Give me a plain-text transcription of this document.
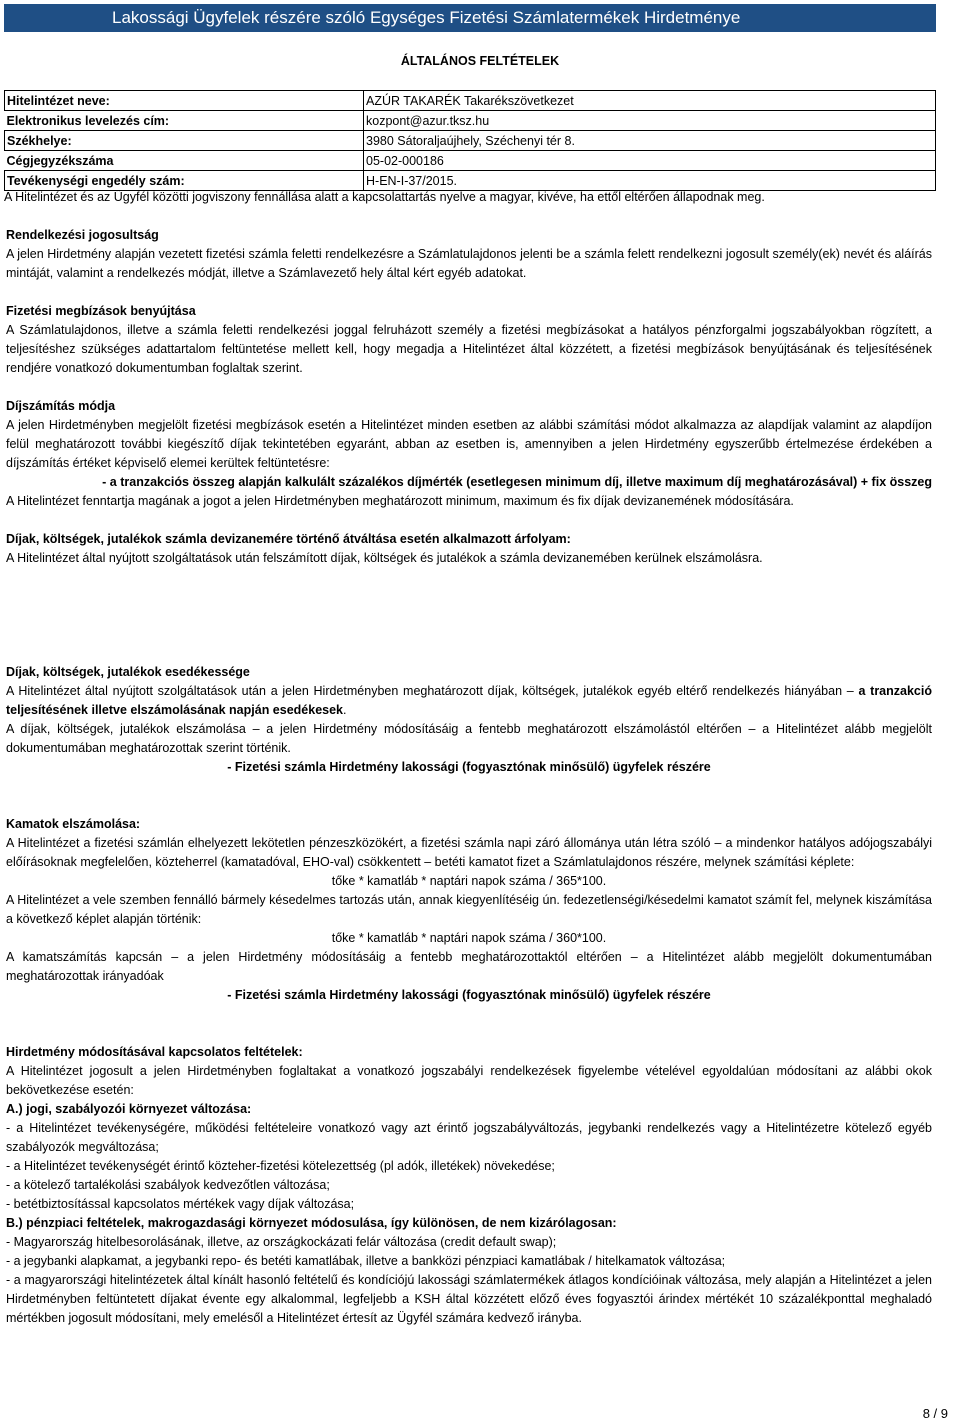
Lakossági Ügyfelek részére szóló Egységes Fizetési Számlatermékek Hirdetménye
ÁLTALÁNOS FELTÉTELEK
Hitelintézet neve:	AZÚR TAKARÉK Takarékszövetkezet
Elektronikus levelezés cím:	kozpont@azur.tksz.hu
Székhelye:	3980 Sátoraljaújhely, Széchenyi tér 8.
Cégjegyzékszáma	05-02-000186
Tevékenységi engedély szám:	H-EN-I-37/2015.

A Hitelintézet és az Ügyfél közötti jogviszony fennállása alatt a kapcsolattartás nyelve a magyar, kivéve, ha ettől eltérően állapodnak meg.

Rendelkezési jogosultság

A jelen Hirdetmény alapján vezetett fizetési számla feletti rendelkezésre a Számlatulajdonos jelenti be a számla felett rendelkezni jogosult személy(ek) nevét és aláírás mintáját, valamint a rendelkezés módját, illetve a Számlavezető hely által kért egyéb adatokat.

Fizetési megbízások benyújtása

A Számlatulajdonos, illetve a számla feletti rendelkezési joggal felruházott személy a fizetési megbízásokat a hatályos pénzforgalmi jogszabályokban rögzített, a teljesítéshez szükséges adattartalom feltüntetése mellett kell, hogy megadja a Hitelintézet által közzétett, a fizetési megbízások benyújtásának és teljesítésének rendjére vonatkozó dokumentumban foglaltak szerint.

Díjszámítás módja

A jelen Hirdetményben megjelölt fizetési megbízások esetén a Hitelintézet minden esetben az alábbi számítási módot alkalmazza az alapdíjak valamint az alapdíjon felül meghatározott további kiegészítő díjak tekintetében egyaránt, abban az esetben is, amennyiben a jelen Hirdetmény egyszerűbb értelmezése érdekében a díjszámítás értéket képviselő elemei kerültek feltüntetésre:

- a tranzakciós összeg alapján kalkulált százalékos díjmérték (esetlegesen minimum díj, illetve maximum díj meghatározásával) + fix összeg

A Hitelintézet fenntartja magának a jogot a jelen Hirdetményben meghatározott minimum, maximum és fix díjak devizanemének módosítására.

Díjak, költségek, jutalékok számla devizanemére történő átváltása esetén alkalmazott árfolyam:

A Hitelintézet által nyújtott szolgáltatások után felszámított díjak, költségek és jutalékok a számla devizanemében kerülnek elszámolásra.

Díjak, költségek, jutalékok esedékessége

A Hitelintézet által nyújtott szolgáltatások után a jelen Hirdetményben meghatározott díjak, költségek, jutalékok egyéb eltérő rendelkezés hiányában – a tranzakció teljesítésének illetve elszámolásának napján esedékesek.

A díjak, költségek, jutalékok elszámolása – a jelen Hirdetmény módosításáig a fentebb meghatározott elszámolástól eltérően – a Hitelintézet alább megjelölt dokumentumában meghatározottak szerint történik.

- Fizetési számla Hirdetmény lakossági (fogyasztónak minősülő) ügyfelek részére

Kamatok elszámolása:

A Hitelintézet a fizetési számlán elhelyezett lekötetlen pénzeszközökért, a fizetési számla napi záró állománya után létra szóló – a mindenkor hatályos adójogszabályi előírásoknak megfelelően, közteherrel (kamatadóval, EHO-val) csökkentett – betéti kamatot fizet a Számlatulajdonos részére, melynek számítási képlete:

tőke * kamatláb * naptári napok száma / 365*100.

A Hitelintézet a vele szemben fennálló bármely késedelmes tartozás után, annak kiegyenlítéséig ún. fedezetlenségi/késedelmi kamatot számít fel, melynek kiszámítása a következő képlet alapján történik:

tőke * kamatláb * naptári napok száma / 360*100.

A kamatszámítás kapcsán – a jelen Hirdetmény módosításáig a fentebb meghatározottaktól eltérően – a Hitelintézet alább megjelölt dokumentumában meghatározottak irányadóak

- Fizetési számla Hirdetmény lakossági (fogyasztónak minősülő) ügyfelek részére

Hirdetmény módosításával kapcsolatos feltételek:

A Hitelintézet jogosult a jelen Hirdetményben foglaltakat a vonatkozó jogszabályi rendelkezések figyelembe vételével egyoldalúan módosítani az alábbi okok bekövetkezése esetén:

A.) jogi, szabályozói környezet változása:

- a Hitelintézet tevékenységére, működési feltételeire vonatkozó vagy azt érintő jogszabályváltozás, jegybanki rendelkezés vagy a Hitelintézetre kötelező egyéb szabályozók megváltozása;

- a Hitelintézet tevékenységét érintő közteher-fizetési kötelezettség (pl adók, illetékek) növekedése;

- a kötelező tartalékolási szabályok kedvezőtlen változása;

- betétbiztosítással kapcsolatos mértékek vagy díjak változása;

B.) pénzpiaci feltételek, makrogazdasági környezet módosulása, így különösen, de nem kizárólagosan:

- Magyarország hitelbesorolásának, illetve, az országkockázati felár változása (credit default swap);

- a jegybanki alapkamat, a jegybanki repo- és betéti kamatlábak, illetve a bankközi pénzpiaci kamatlábak / hitelkamatok változása;

- a magyarországi hitelintézetek által kínált hasonló feltételű és kondíciójú lakossági számlatermékek átlagos kondícióinak változása, mely alapján a Hitelintézet a jelen Hirdetményben feltüntetett díjakat évente egy alkalommal, legfeljebb a KSH által közzétett előző éves fogyasztói árindex mértékét 10 százalékponttal meghaladó mértékben jogosult módosítani, mely emelésől a Hitelintézet értesít az Ügyfél számára kedvező irányba.

8 / 9
